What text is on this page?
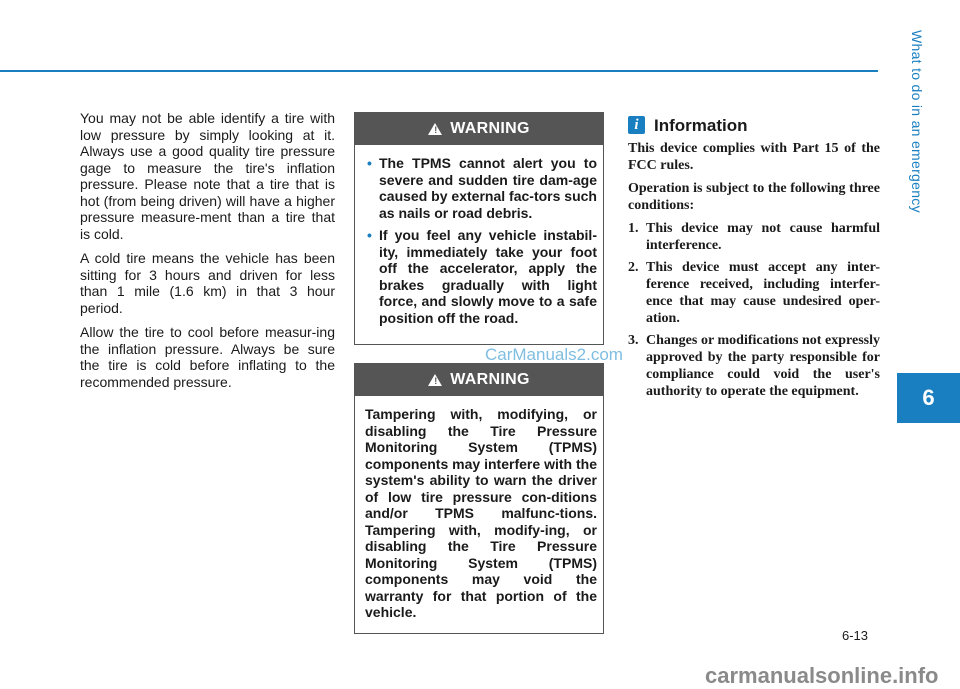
What to do in an emergency
6

You may not be able identify a tire with low pressure by simply looking at it. Always use a good quality tire pressure gage to measure the tire's inflation pressure. Please note that a tire that is hot (from being driven) will have a higher pressure measure-ment than a tire that is cold.

A cold tire means the vehicle has been sitting for 3 hours and driven for less than 1 mile (1.6 km) in that 3 hour period.

Allow the tire to cool before measur-ing the inflation pressure. Always be sure the tire is cold before inflating to the recommended pressure.

! WARNING
• The TPMS cannot alert you to severe and sudden tire dam-age caused by external fac-tors such as nails or road debris.
• If you feel any vehicle instabil-ity, immediately take your foot off the accelerator, apply the brakes gradually with light force, and slowly move to a safe position off the road.
! WARNING

Tampering with, modifying, or disabling the Tire Pressure Monitoring System (TPMS) components may interfere with the system's ability to warn the driver of low tire pressure con-ditions and/or TPMS malfunc-tions. Tampering with, modify-ing, or disabling the Tire Pressure Monitoring System (TPMS) components may void the warranty for that portion of the vehicle.

i Information

This device complies with Part 15 of the FCC rules.

Operation is subject to the following three conditions:

1. This device may not cause harmful interference.
2. This device must accept any inter-ference received, including interfer-ence that may cause undesired oper-ation.
3. Changes or modifications not expressly approved by the party responsible for compliance could void the user's authority to operate the equipment.
CarManuals2.com
6-13
carmanualsonline.info
